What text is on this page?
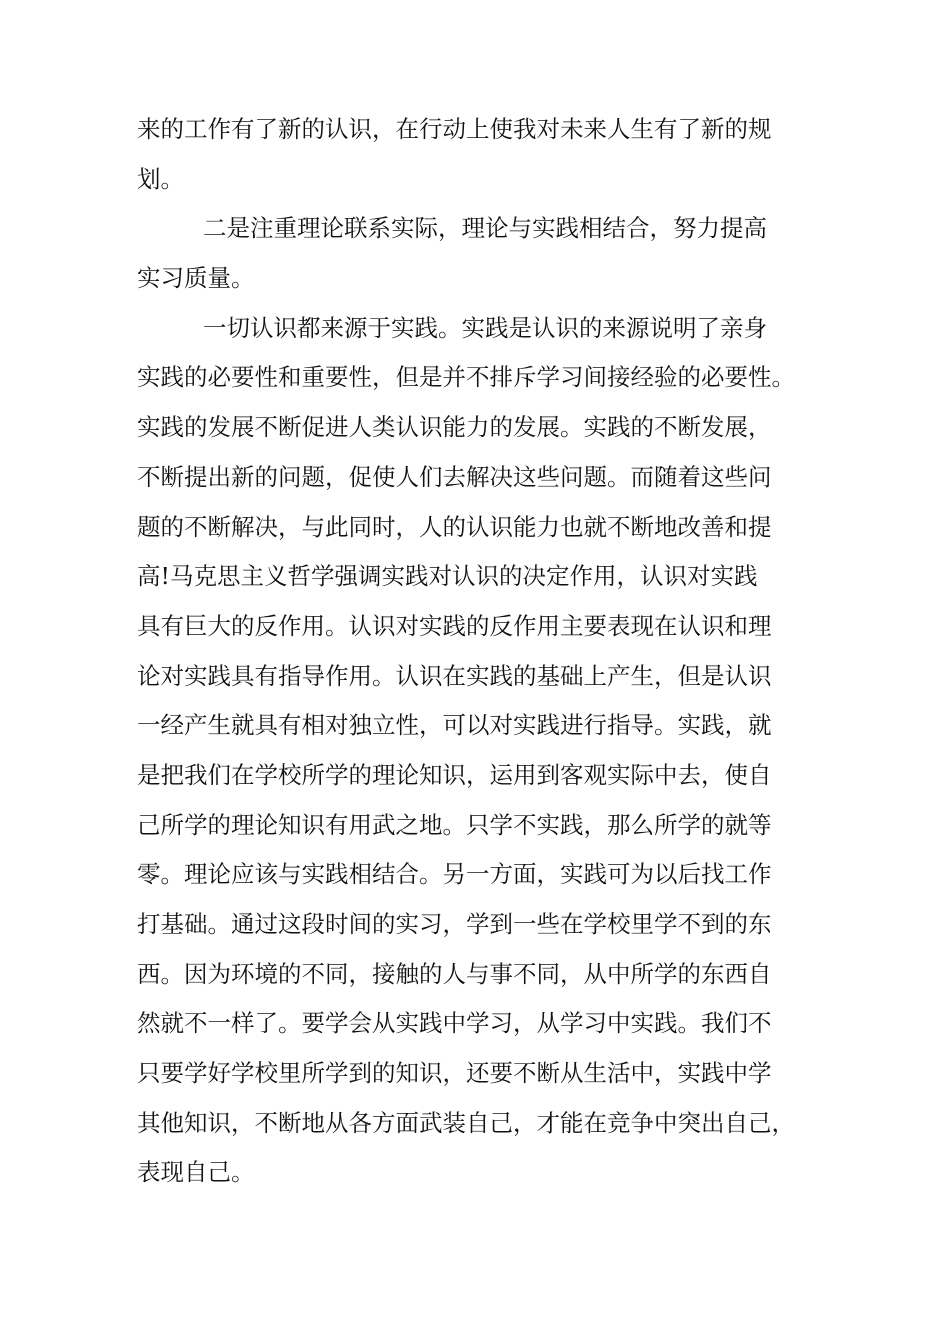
来的工作有了新的认识，在行动上使我对未来人生有了新的规

划。

二是注重理论联系实际，理论与实践相结合，努力提高

实习质量。

一切认识都来源于实践。实践是认识的来源说明了亲身

实践的必要性和重要性，但是并不排斥学习间接经验的必要性。

实践的发展不断促进人类认识能力的发展。实践的不断发展，

不断提出新的问题，促使人们去解决这些问题。而随着这些问

题的不断解决，与此同时，人的认识能力也就不断地改善和提

高!马克思主义哲学强调实践对认识的决定作用，认识对实践

具有巨大的反作用。认识对实践的反作用主要表现在认识和理

论对实践具有指导作用。认识在实践的基础上产生，但是认识

一经产生就具有相对独立性，可以对实践进行指导。实践，就

是把我们在学校所学的理论知识，运用到客观实际中去，使自

己所学的理论知识有用武之地。只学不实践，那么所学的就等

零。理论应该与实践相结合。另一方面，实践可为以后找工作

打基础。通过这段时间的实习，学到一些在学校里学不到的东

西。因为环境的不同，接触的人与事不同，从中所学的东西自

然就不一样了。要学会从实践中学习，从学习中实践。我们不

只要学好学校里所学到的知识，还要不断从生活中，实践中学

其他知识，不断地从各方面武装自己，才能在竞争中突出自己，

表现自己。
